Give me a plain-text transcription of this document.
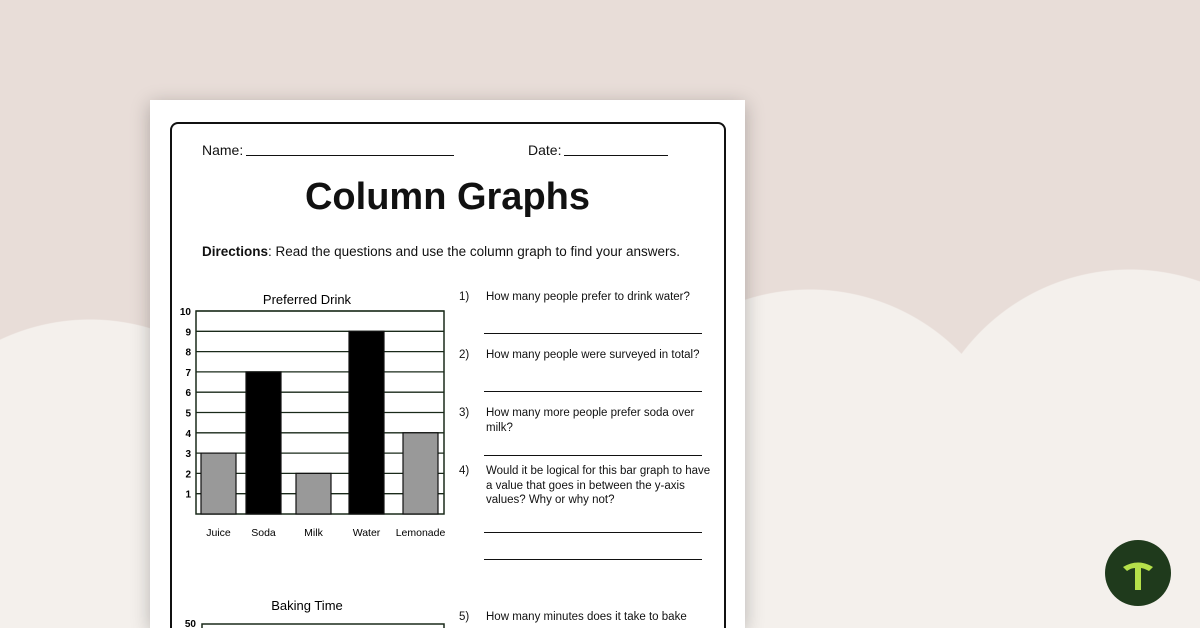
Name:	Date:
Column Graphs
Directions: Read the questions and use the column graph to find your answers.
Preferred Drink
1
2
3
4
5
6
7
8
9
10
Juice Soda	Milk	Water Lemonade
Baking Time
50
1) How many people prefer to drink water?
2) How many people were surveyed in total?
3) How many more people prefer soda over milk?
4) Would it be logical for this bar graph to have a value that goes in between the y-axis values? Why or why not?
5) How many minutes does it take to bake
